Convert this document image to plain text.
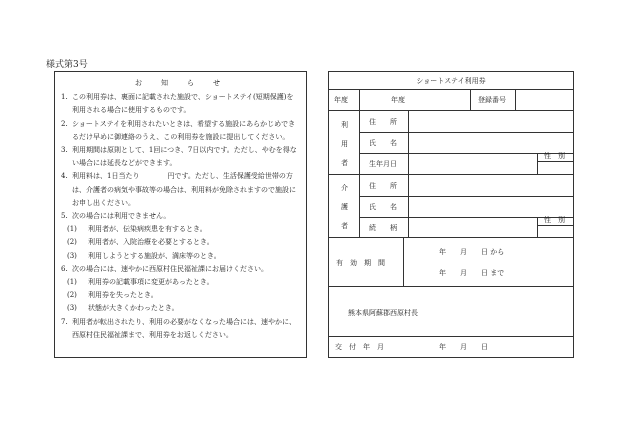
様式第3号
お　知　ら　せ
1. この利用券は、裏面に記載された施設で、ショートステイ(短期保護)を利用される場合に使用するものです。
2. ショートステイを利用されたいときは、希望する施設にあらかじめできるだけ早めに御連絡のうえ、この利用券を施設に提出してください。
3. 利用期間は原則として、1回につき、7日以内です。ただし、やむを得ない場合には延長などができます。
4. 利用料は、1日当たり　　　　円です。ただし、生活保護受給世帯の方は、介護者の病気や事故等の場合は、利用料が免除されますので施設にお申し出ください。
5. 次の場合には利用できません。
(1)	利用者が、伝染病疾患を有するとき。
(2)	利用者が、入院治療を必要とするとき。
(3)	利用しようとする施設が、満床等のとき。
6. 次の場合には、速やかに西原村住民福祉課にお届けください。
(1)	利用券の記載事項に変更があったとき。
(2)	利用券を失ったとき。
(3)	状態が大きくかわったとき。
7. 利用者が転出されたり、利用の必要がなくなった場合には、速やかに、西原村住民福祉課まで、利用券をお返しください。
ショートステイ利用券
年度	年度	登録番号
利
用
者
住　　所
氏　　名
生年月日
性　別
介
護
者
住　　所
氏　　名
続　　柄
性　別
有　効　期　間
年　　月　　日 から
年　　月　　日 まで
熊本県阿蘇郡西原村長
交　付　年　月	年　　月　　日
